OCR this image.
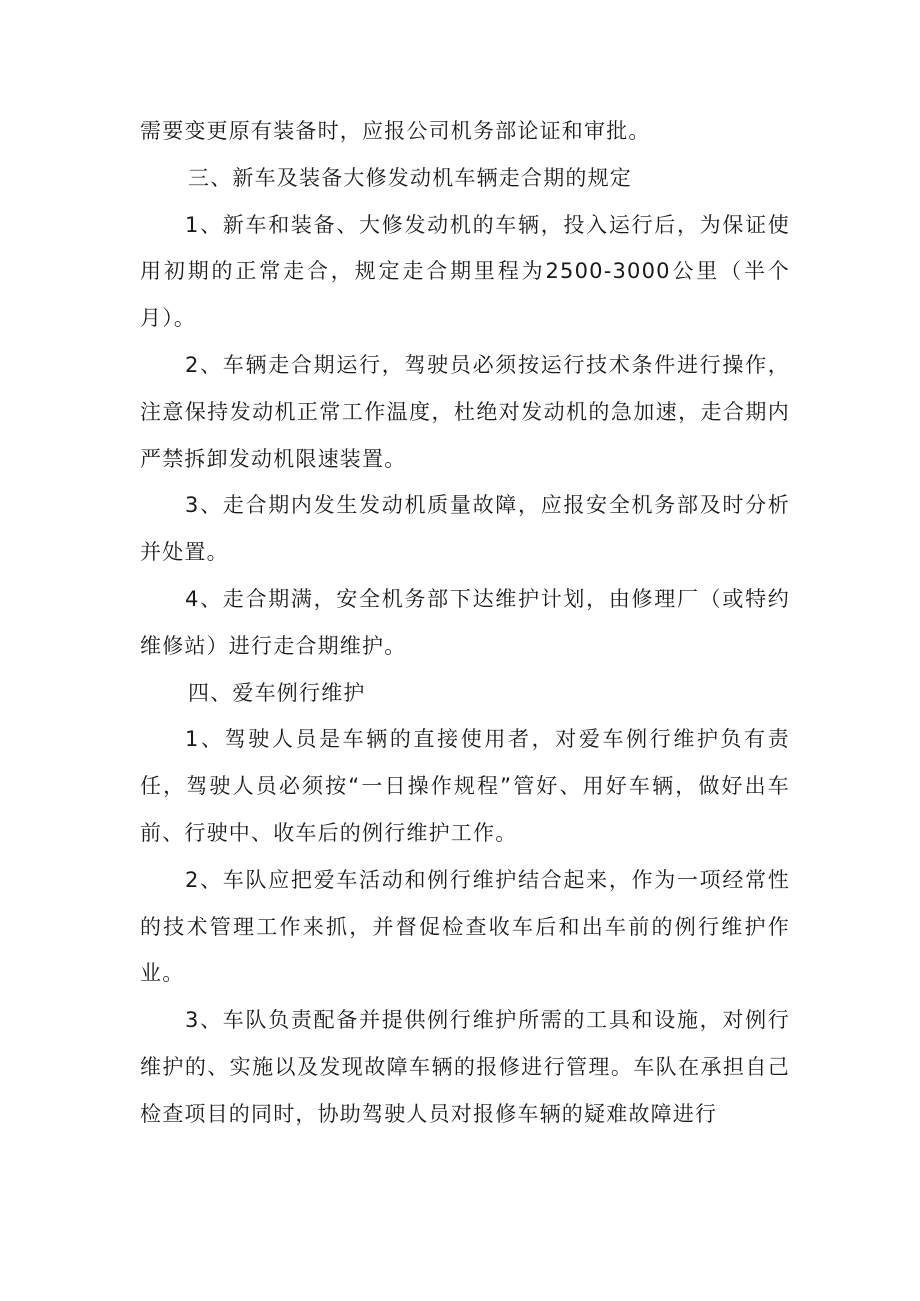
需要变更原有装备时，应报公司机务部论证和审批。

三、新车及装备大修发动机车辆走合期的规定

1、新车和装备、大修发动机的车辆，投入运行后，为保证使用初期的正常走合，规定走合期里程为2500-3000公里（半个月）。

2、车辆走合期运行，驾驶员必须按运行技术条件进行操作，注意保持发动机正常工作温度，杜绝对发动机的急加速，走合期内严禁拆卸发动机限速装置。

3、走合期内发生发动机质量故障，应报安全机务部及时分析并处置。

4、走合期满，安全机务部下达维护计划，由修理厂（或特约维修站）进行走合期维护。

四、爱车例行维护

1、驾驶人员是车辆的直接使用者，对爱车例行维护负有责任，驾驶人员必须按“一日操作规程”管好、用好车辆，做好出车前、行驶中、收车后的例行维护工作。

2、车队应把爱车活动和例行维护结合起来，作为一项经常性的技术管理工作来抓，并督促检查收车后和出车前的例行维护作业。

3、车队负责配备并提供例行维护所需的工具和设施，对例行维护的、实施以及发现故障车辆的报修进行管理。车队在承担自己检查项目的同时，协助驾驶人员对报修车辆的疑难故障进行
